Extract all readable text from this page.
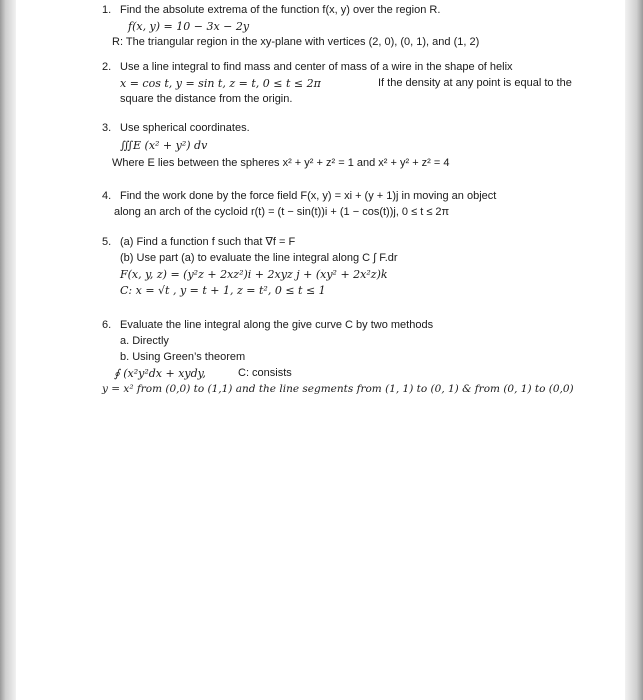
1. Find the absolute extrema of the function f(x, y) over the region R.
f(x, y) = 10 − 3x − 2y
R: The triangular region in the xy-plane with vertices (2, 0), (0, 1), and (1, 2)
2. Use a line integral to find mass and center of mass of a wire in the shape of helix
x = cos t, y = sin t, z = t, 0 ≤ t ≤ 2π	If the density at any point is equal to the
square the distance from the origin.
3. Use spherical coordinates.
∭E (x² + y²) dv
Where E lies between the spheres x² + y² + z² = 1 and x² + y² + z² = 4
4. Find the work done by the force field F(x, y) = xi + (y + 1)j in moving an object
along an arch of the cycloid r(t) = (t − sin(t))i + (1 − cos(t))j, 0 ≤ t ≤ 2π
5. (a) Find a function f such that ∇f = F
(b) Use part (a) to evaluate the line integral along C ∫ F.dr
F(x, y, z) = (y²z + 2xz²)i + 2xyz j + (xy² + 2x²z)k
C: x = √t , y = t + 1, z = t², 0 ≤ t ≤ 1
6. Evaluate the line integral along the give curve C by two methods
a. Directly
b. Using Green’s theorem
∮ (x²y²dx + xydy,	C: consists
y = x² from (0,0) to (1,1) and the line segments from (1, 1) to (0, 1) & from (0, 1) to (0,0)
